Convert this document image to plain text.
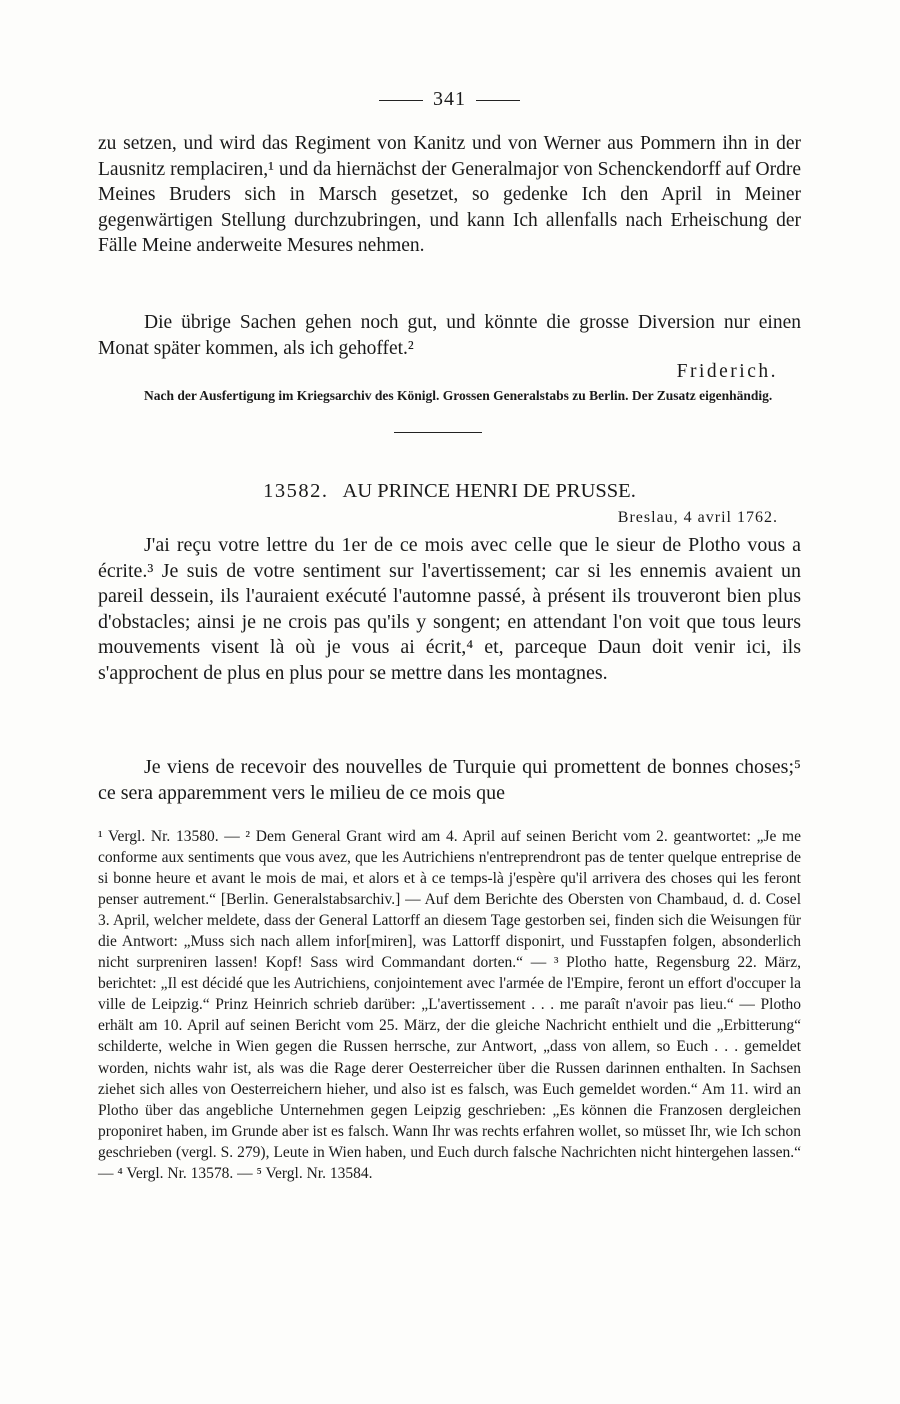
341

zu setzen, und wird das Regiment von Kanitz und von Werner aus Pommern ihn in der Lausnitz remplaciren,¹ und da hiernächst der Generalmajor von Schenckendorff auf Ordre Meines Bruders sich in Marsch gesetzet, so gedenke Ich den April in Meiner gegenwärtigen Stellung durchzubringen, und kann Ich allenfalls nach Erheischung der Fälle Meine anderweite Mesures nehmen.

Die übrige Sachen gehen noch gut, und könnte die grosse Diversion nur einen Monat später kommen, als ich gehoffet.²

Friderich.

Nach der Ausfertigung im Kriegsarchiv des Königl. Grossen Generalstabs zu Berlin. Der Zusatz eigenhändig.

13582. AU PRINCE HENRI DE PRUSSE.
Breslau, 4 avril 1762.

J'ai reçu votre lettre du 1er de ce mois avec celle que le sieur de Plotho vous a écrite.³ Je suis de votre sentiment sur l'avertissement; car si les ennemis avaient un pareil dessein, ils l'auraient exécuté l'automne passé, à présent ils trouveront bien plus d'obstacles; ainsi je ne crois pas qu'ils y songent; en attendant l'on voit que tous leurs mouvements visent là où je vous ai écrit,⁴ et, parceque Daun doit venir ici, ils s'approchent de plus en plus pour se mettre dans les montagnes.

Je viens de recevoir des nouvelles de Turquie qui promettent de bonnes choses;⁵ ce sera apparemment vers le milieu de ce mois que

¹ Vergl. Nr. 13580. — ² Dem General Grant wird am 4. April auf seinen Bericht vom 2. geantwortet: „Je me conforme aux sentiments que vous avez, que les Autrichiens n'entreprendront pas de tenter quelque entreprise de si bonne heure et avant le mois de mai, et alors et à ce temps-là j'espère qu'il arrivera des choses qui les feront penser autrement.“ [Berlin. Generalstabsarchiv.] — Auf dem Berichte des Obersten von Chambaud, d. d. Cosel 3. April, welcher meldete, dass der General Lattorff an diesem Tage gestorben sei, finden sich die Weisungen für die Antwort: „Muss sich nach allem infor[miren], was Lattorff disponirt, und Fusstapfen folgen, absonderlich nicht surpreniren lassen! Kopf! Sass wird Commandant dorten.“ — ³ Plotho hatte, Regensburg 22. März, berichtet: „Il est décidé que les Autrichiens, conjointement avec l'armée de l'Empire, feront un effort d'occuper la ville de Leipzig.“ Prinz Heinrich schrieb darüber: „L'avertissement . . . me paraît n'avoir pas lieu.“ — Plotho erhält am 10. April auf seinen Bericht vom 25. März, der die gleiche Nachricht enthielt und die „Erbitterung“ schilderte, welche in Wien gegen die Russen herrsche, zur Antwort, „dass von allem, so Euch . . . gemeldet worden, nichts wahr ist, als was die Rage derer Oesterreicher über die Russen darinnen enthalten. In Sachsen ziehet sich alles von Oesterreichern hieher, und also ist es falsch, was Euch gemeldet worden.“ Am 11. wird an Plotho über das angebliche Unternehmen gegen Leipzig geschrieben: „Es können die Franzosen dergleichen proponiret haben, im Grunde aber ist es falsch. Wann Ihr was rechts erfahren wollet, so müsset Ihr, wie Ich schon geschrieben (vergl. S. 279), Leute in Wien haben, und Euch durch falsche Nachrichten nicht hintergehen lassen.“ — ⁴ Vergl. Nr. 13578. — ⁵ Vergl. Nr. 13584.
